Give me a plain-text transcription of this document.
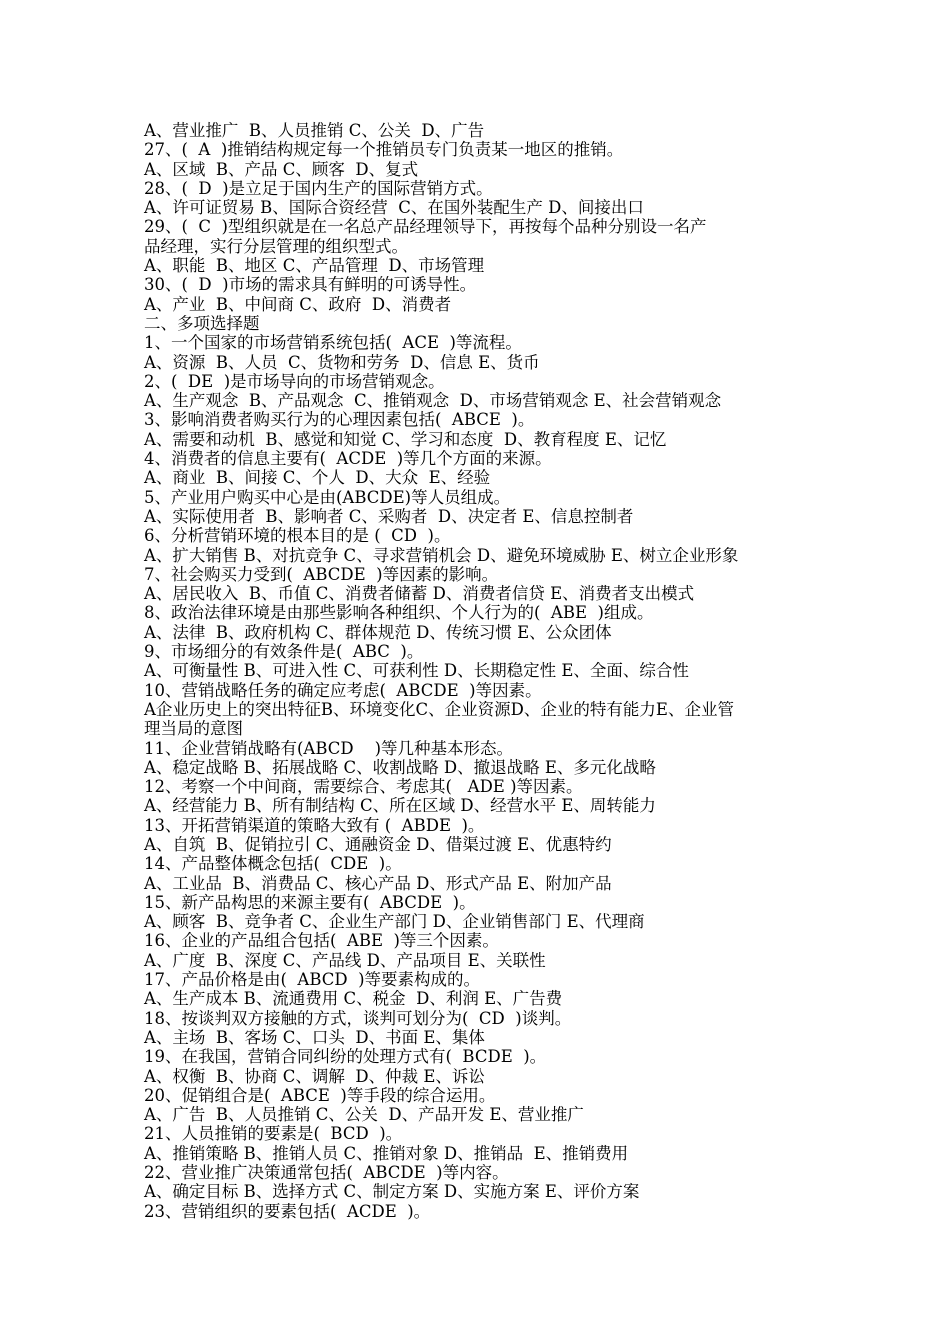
A、营业推广  B、人员推销 C、公关  D、广告
27、(  A  )推销结构规定每一个推销员专门负责某一地区的推销。
A、区域  B、产品 C、顾客  D、复式
28、(  D  )是立足于国内生产的国际营销方式。
A、许可证贸易 B、国际合资经营  C、在国外装配生产 D、间接出口
29、(  C  )型组织就是在一名总产品经理领导下，再按每个品种分别设一名产
品经理，实行分层管理的组织型式。
A、职能  B、地区 C、产品管理  D、市场管理
30、(  D  )市场的需求具有鲜明的可诱导性。
A、产业  B、中间商 C、政府  D、消费者
二、多项选择题
1、一个国家的市场营销系统包括(  ACE  )等流程。
A、资源  B、人员  C、货物和劳务  D、信息 E、货币
2、(  DE  )是市场导向的市场营销观念。
A、生产观念  B、产品观念  C、推销观念  D、市场营销观念 E、社会营销观念
3、影响消费者购买行为的心理因素包括(  ABCE  )。
A、需要和动机  B、感觉和知觉 C、学习和态度  D、教育程度 E、记忆
4、消费者的信息主要有(  ACDE  )等几个方面的来源。
A、商业  B、间接 C、个人  D、大众  E、经验
5、产业用户购买中心是由(ABCDE)等人员组成。
A、实际使用者  B、影响者 C、采购者  D、决定者 E、信息控制者
6、分析营销环境的根本目的是 (  CD  )。
A、扩大销售 B、对抗竞争 C、寻求营销机会 D、避免环境威胁 E、树立企业形象
7、社会购买力受到(  ABCDE  )等因素的影响。
A、居民收入  B、币值 C、消费者储蓄 D、消费者信贷 E、消费者支出模式
8、政治法律环境是由那些影响各种组织、个人行为的(  ABE  )组成。
A、法律  B、政府机构 C、群体规范 D、传统习惯 E、公众团体
9、市场细分的有效条件是(  ABC  )。
A、可衡量性 B、可进入性 C、可获利性 D、长期稳定性 E、全面、综合性
10、营销战略任务的确定应考虑(  ABCDE  )等因素。
A企业历史上的突出特征B、环境变化C、企业资源D、企业的特有能力E、企业管
理当局的意图
11、企业营销战略有(ABCD    )等几种基本形态。
A、稳定战略 B、拓展战略 C、收割战略 D、撤退战略 E、多元化战略
12、考察一个中间商，需要综合、考虑其(   ADE )等因素。
A、经营能力 B、所有制结构 C、所在区域 D、经营水平 E、周转能力
13、开拓营销渠道的策略大致有 (  ABDE  )。
A、自筑  B、促销拉引 C、通融资金 D、借渠过渡 E、优惠特约
14、产品整体概念包括(  CDE  )。
A、工业品  B、消费品 C、核心产品 D、形式产品 E、附加产品
15、新产品构思的来源主要有(  ABCDE  )。
A、顾客  B、竞争者 C、企业生产部门 D、企业销售部门 E、代理商
16、企业的产品组合包括(  ABE  )等三个因素。
A、广度  B、深度 C、产品线 D、产品项目 E、关联性
17、产品价格是由(  ABCD  )等要素构成的。
A、生产成本 B、流通费用 C、税金  D、利润 E、广告费
18、按谈判双方接触的方式，谈判可划分为(  CD  )谈判。
A、主场  B、客场 C、口头  D、书面 E、集体
19、在我国，营销合同纠纷的处理方式有(  BCDE  )。
A、权衡  B、协商 C、调解  D、仲裁 E、诉讼
20、促销组合是(  ABCE  )等手段的综合运用。
A、广告  B、人员推销 C、公关  D、产品开发 E、营业推广
21、人员推销的要素是(  BCD  )。
A、推销策略 B、推销人员 C、推销对象 D、推销品  E、推销费用
22、营业推广决策通常包括(  ABCDE  )等内容。
A、确定目标 B、选择方式 C、制定方案 D、实施方案 E、评价方案
23、营销组织的要素包括(  ACDE  )。
